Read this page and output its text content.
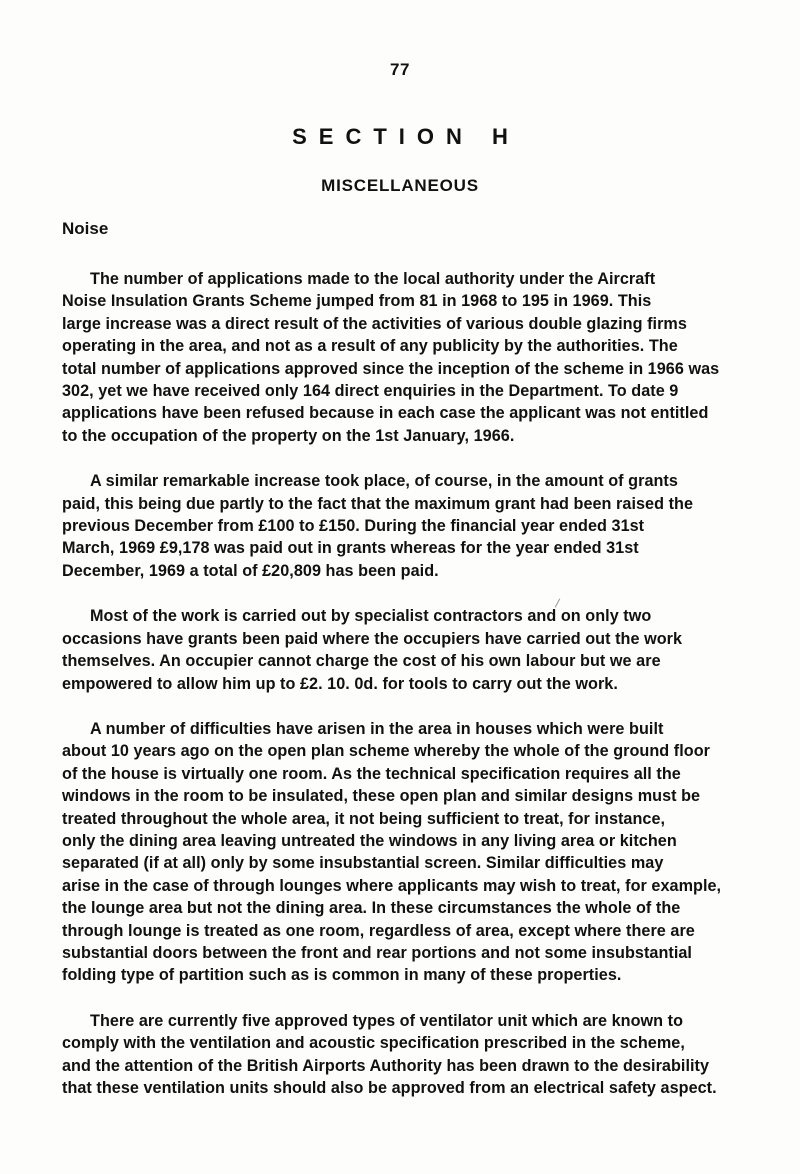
77
SECTION H
MISCELLANEOUS
Noise

The number of applications made to the local authority under the Aircraft
Noise Insulation Grants Scheme jumped from 81 in 1968 to 195 in 1969. This
large increase was a direct result of the activities of various double glazing firms
operating in the area, and not as a result of any publicity by the authorities. The
total number of applications approved since the inception of the scheme in 1966 was
302, yet we have received only 164 direct enquiries in the Department. To date 9
applications have been refused because in each case the applicant was not entitled
to the occupation of the property on the 1st January, 1966.

A similar remarkable increase took place, of course, in the amount of grants
paid, this being due partly to the fact that the maximum grant had been raised the
previous December from £100 to £150. During the financial year ended 31st
March, 1969 £9,178 was paid out in grants whereas for the year ended 31st
December, 1969 a total of £20,809 has been paid.

Most of the work is carried out by specialist contractors and on only two
occasions have grants been paid where the occupiers have carried out the work
themselves. An occupier cannot charge the cost of his own labour but we are
empowered to allow him up to £2. 10. 0d. for tools to carry out the work.

A number of difficulties have arisen in the area in houses which were built
about 10 years ago on the open plan scheme whereby the whole of the ground floor
of the house is virtually one room. As the technical specification requires all the
windows in the room to be insulated, these open plan and similar designs must be
treated throughout the whole area, it not being sufficient to treat, for instance,
only the dining area leaving untreated the windows in any living area or kitchen
separated (if at all) only by some insubstantial screen. Similar difficulties may
arise in the case of through lounges where applicants may wish to treat, for example,
the lounge area but not the dining area. In these circumstances the whole of the
through lounge is treated as one room, regardless of area, except where there are
substantial doors between the front and rear portions and not some insubstantial
folding type of partition such as is common in many of these properties.

There are currently five approved types of ventilator unit which are known to
comply with the ventilation and acoustic specification prescribed in the scheme,
and the attention of the British Airports Authority has been drawn to the desirability
that these ventilation units should also be approved from an electrical safety aspect.
